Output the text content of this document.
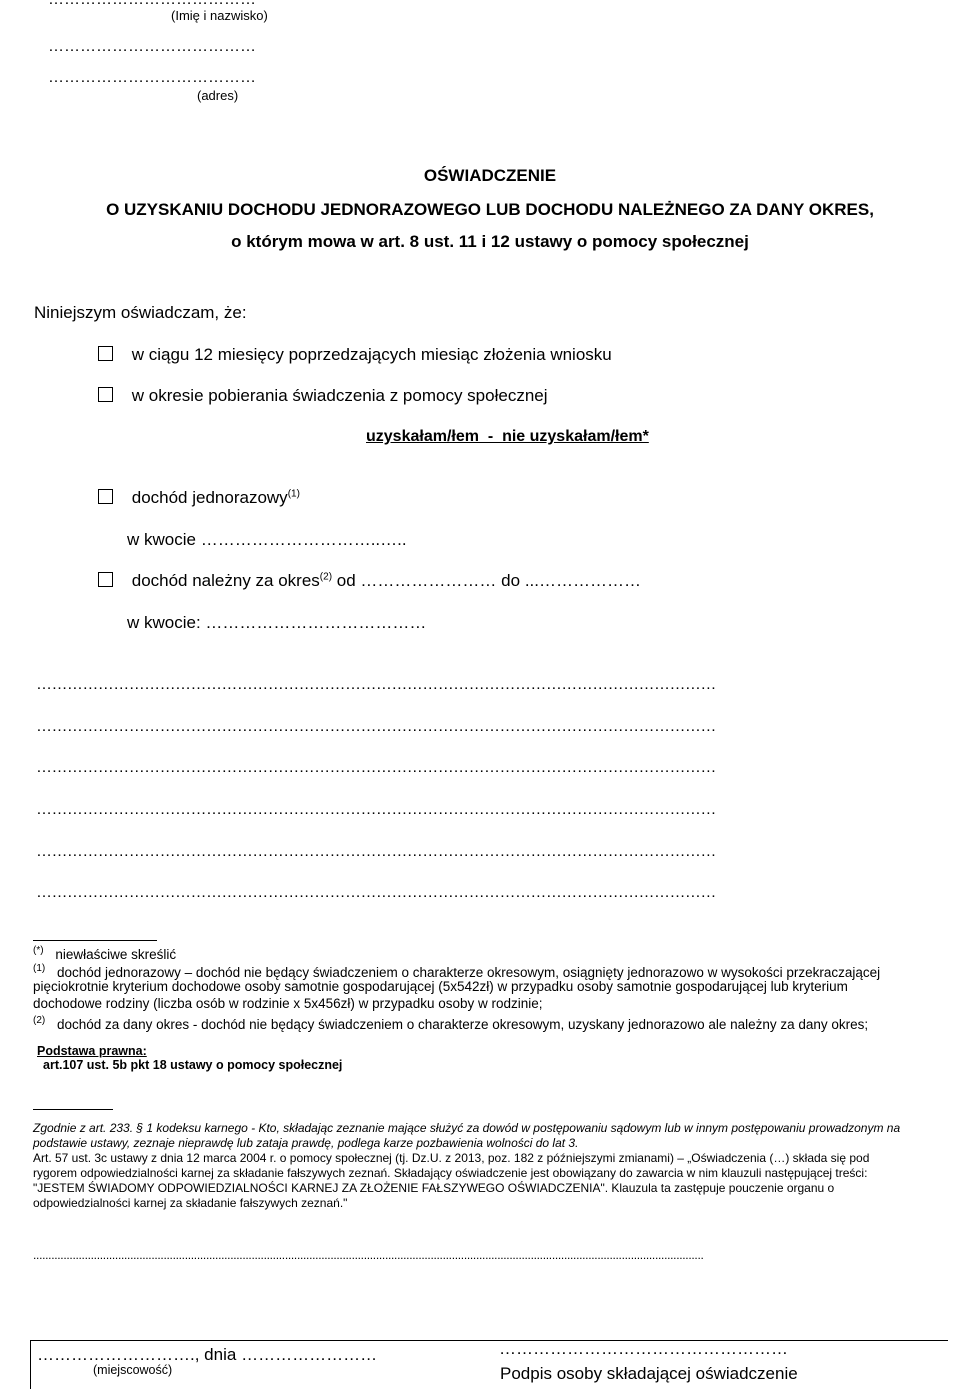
(Imię i nazwisko)
…………………………………
…………………………………
(adres)
OŚWIADCZENIE
O UZYSKANIU DOCHODU JEDNORAZOWEGO LUB DOCHODU NALEŻNEGO ZA DANY OKRES,
o którym mowa w art. 8 ust. 11 i 12 ustawy o pomocy społecznej
Niniejszym oświadczam, że:
w ciągu 12 miesięcy poprzedzających miesiąc złożenia wniosku
w okresie pobierania świadczenia z pomocy społecznej
uzyskałam/łem  -  nie uzyskałam/łem*
dochód jednorazowy$^{(1)}$
w kwocie …………………………..…..
dochód należny za okres$^{(2)}$ od …………………… do ...………………
w kwocie: …………………………………
……………………………………………………………………………………………………………………
……………………………………………………………………………………………………………………
……………………………………………………………………………………………………………………
……………………………………………………………………………………………………………………
……………………………………………………………………………………………………………………
……………………………………………………………………………………………………………………
(*) niewłaściwe skreślić
$^{(1)}$ dochód jednorazowy – dochód nie będący świadczeniem o charakterze okresowym, osiągnięty jednorazowo w wysokości przekraczającej
pięciokrotnie kryterium dochodowe osoby samotnie gospodarującej (5x542zł) w przypadku osoby samotnie gospodarującej lub kryterium
dochodowe rodziny (liczba osób w rodzinie x 5x456zł) w przypadku osoby w rodzinie;
$^{(2)}$ dochód za dany okres - dochód nie będący świadczeniem o charakterze okresowym, uzyskany jednorazowo ale należny za dany okres;
Podstawa prawna:
art.107 ust. 5b pkt 18 ustawy o pomocy społecznej
Zgodnie z art. 233. § 1 kodeksu karnego - Kto, składając zeznanie mające służyć za dowód w postępowaniu sądowym lub w innym postępowaniu prowadzonym na
podstawie ustawy, zeznaje nieprawdę lub zataja prawdę, podlega karze pozbawienia wolności do lat 3.
Art. 57 ust. 3c ustawy z dnia 12 marca 2004 r. o pomocy społecznej (tj. Dz.U. z 2013, poz. 182 z późniejszymi zmianami) – „Oświadczenia (…) składa się pod
rygorem odpowiedzialności karnej za składanie fałszywych zeznań. Składający oświadczenie jest obowiązany do zawarcia w nim klauzuli następującej treści:
"JESTEM ŚWIADOMY ODPOWIEDZIALNOŚCI KARNEJ ZA ZŁOŻENIE FAŁSZYWEGO OŚWIADCZENIA". Klauzula ta zastępuje pouczenie organu o
odpowiedzialności karnej za składanie fałszywych zeznań."
.............................................................................................................................................................................................................................
………………………., dnia ……………………
(miejscowość)
……………………………………………
Podpis osoby składającej oświadczenie
